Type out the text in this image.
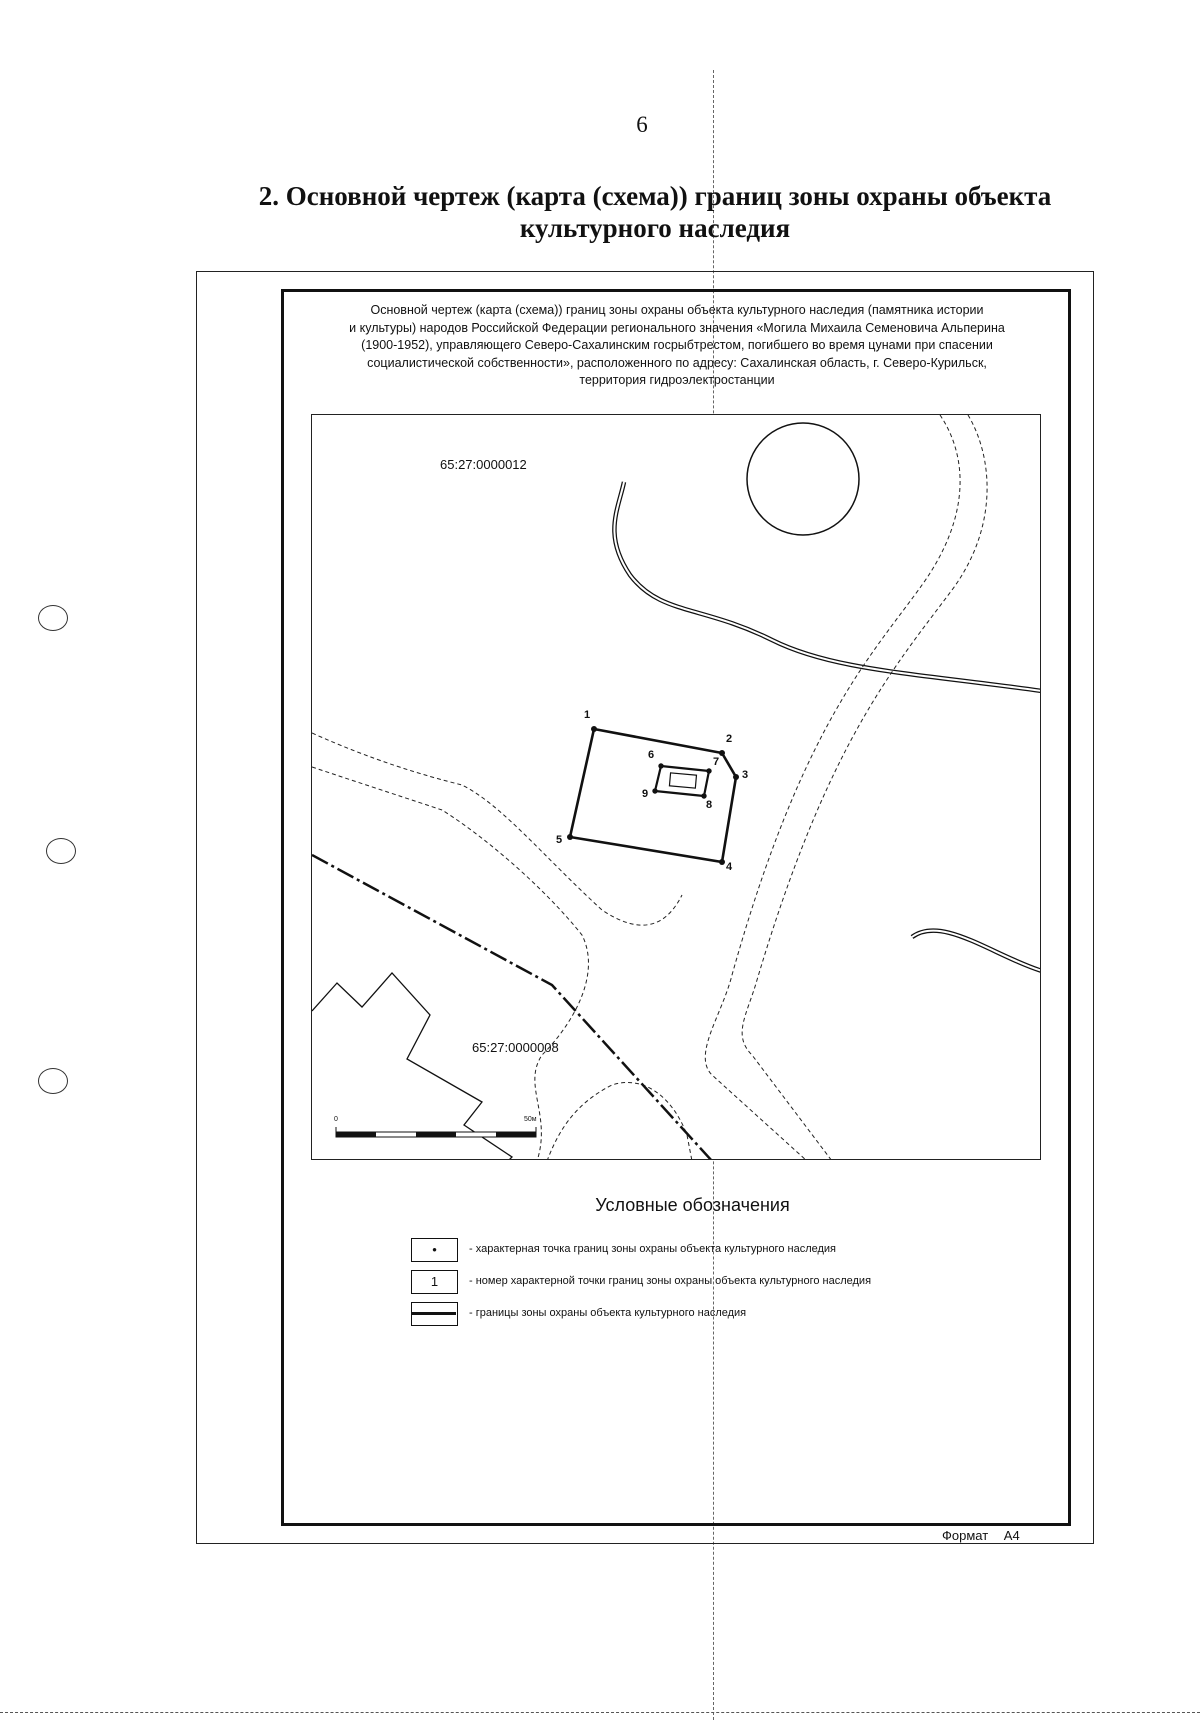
6
2. Основной чертеж (карта (схема)) границ зоны охраны объекта
культурного наследия
Основной чертеж (карта (схема)) границ зоны охраны объекта культурного наследия (памятника истории
и культуры) народов Российской Федерации регионального значения «Могила Михаила Семеновича Альперина
(1900-1952), управляющего Северо-Сахалинским госрыбтрестом, погибшего во время цунами при спасении
социалистической собственности», расположенного по адресу: Сахалинская область, г. Северо-Курильск,
территория гидроэлектростанции
65:27:0000012
65:27:0000008
1
2
3
4
5
6
7
8
9
0	50м
Условные обозначения
•	- характерная точка границ зоны охраны объекта культурного наследия
1	- номер характерной точки границ зоны охраны объекта культурного наследия
- границы зоны охраны объекта культурного наследия
Формат A4
